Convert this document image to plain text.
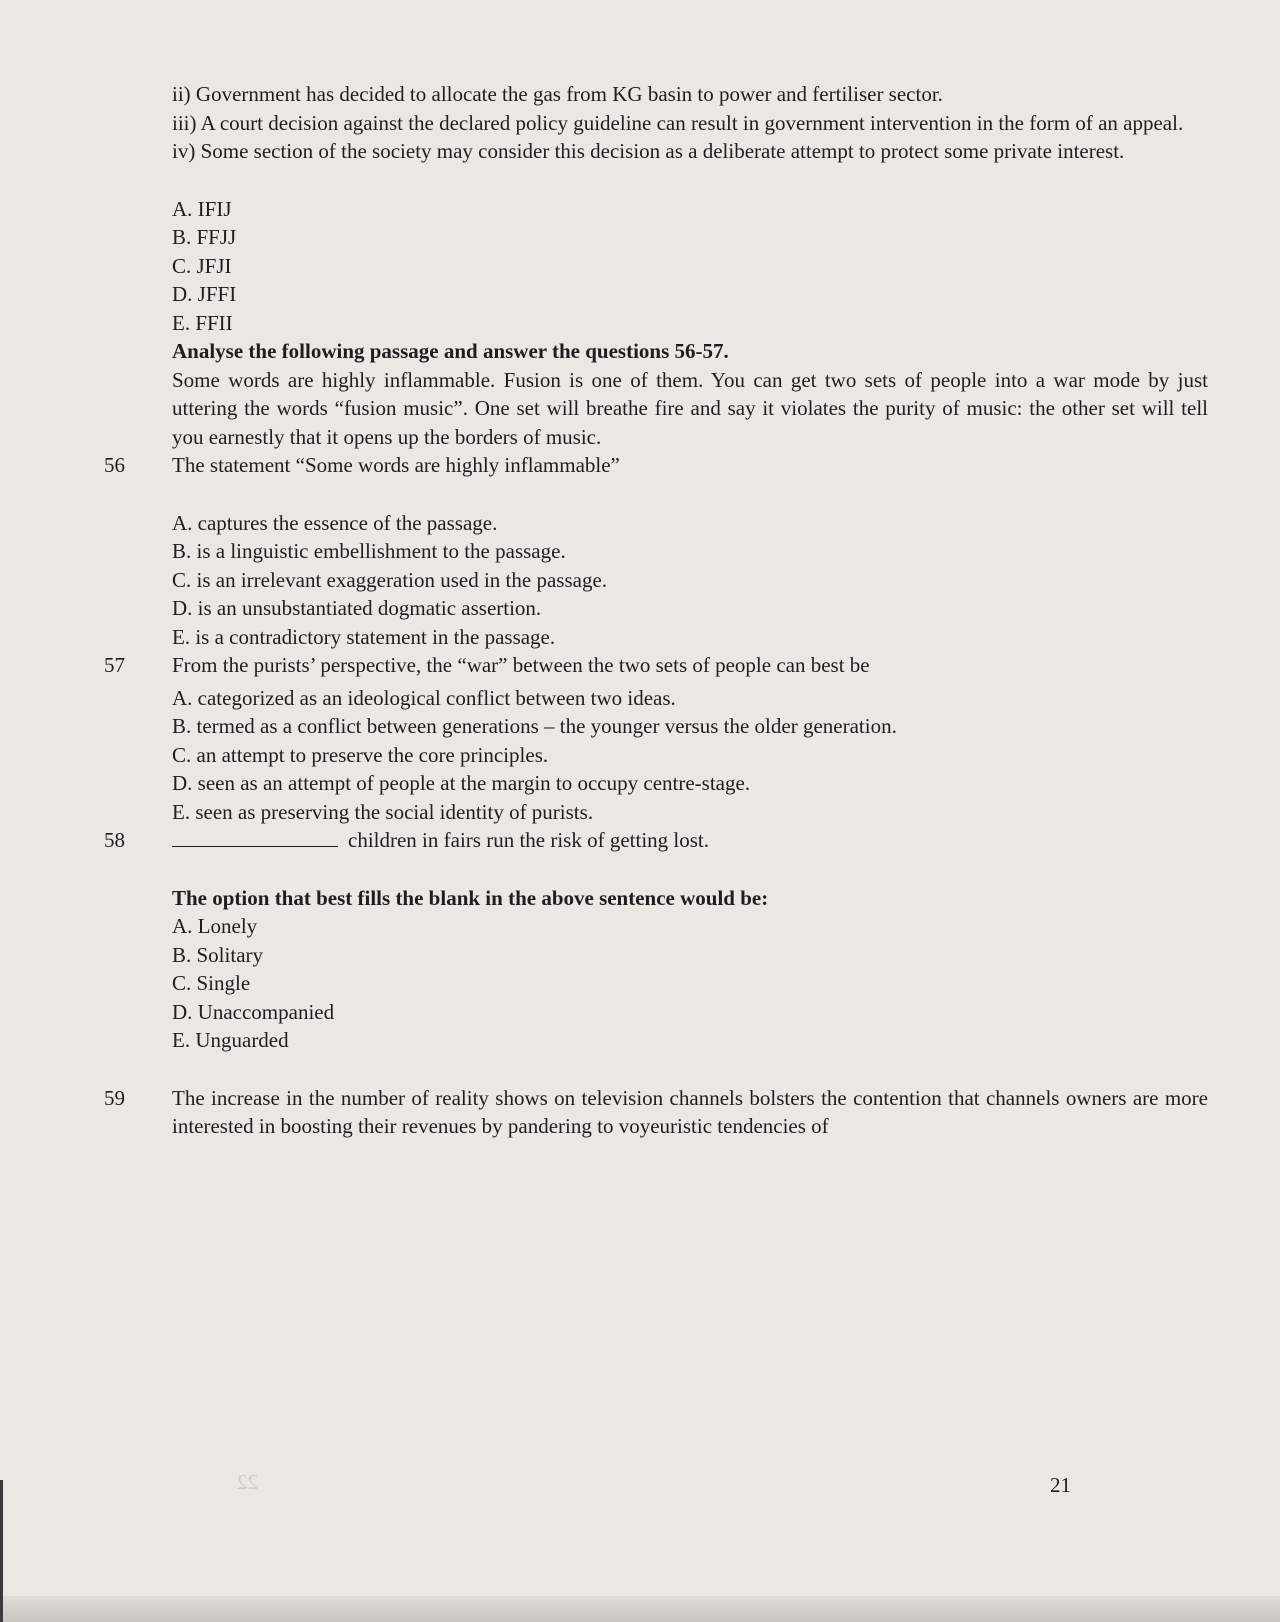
22

ii) Government has decided to allocate the gas from KG basin to power and fertiliser sector.

iii) A court decision against the declared policy guideline can result in government intervention in the form of an appeal.

iv) Some section of the society may consider this decision as a deliberate attempt to protect some private interest.

A. IFIJ
B. FFJJ
C. JFJI
D. JFFI
E. FFII

Analyse the following passage and answer the questions 56-57.

Some words are highly inflammable. Fusion is one of them. You can get two sets of people into a war mode by just uttering the words “fusion music”. One set will breathe fire and say it violates the purity of music: the other set will tell you earnestly that it opens up the borders of music.

56	The statement “Some words are highly inflammable”

A. captures the essence of the passage.
B. is a linguistic embellishment to the passage.
C. is an irrelevant exaggeration used in the passage.
D. is an unsubstantiated dogmatic assertion.
E. is a contradictory statement in the passage.
57	From the purists’ perspective, the “war” between the two sets of people can best be

A. categorized as an ideological conflict between two ideas.
B. termed as a conflict between generations – the younger versus the older generation.
C. an attempt to preserve the core principles.
D. seen as an attempt of people at the margin to occupy centre-stage.
E. seen as preserving the social identity of purists.
58	children in fairs run the risk of getting lost.

The option that best fills the blank in the above sentence would be:

A. Lonely
B. Solitary
C. Single
D. Unaccompanied
E. Unguarded
59	The increase in the number of reality shows on television channels bolsters the contention that channels owners are more interested in boosting their revenues by pandering to voyeuristic tendencies of

21
